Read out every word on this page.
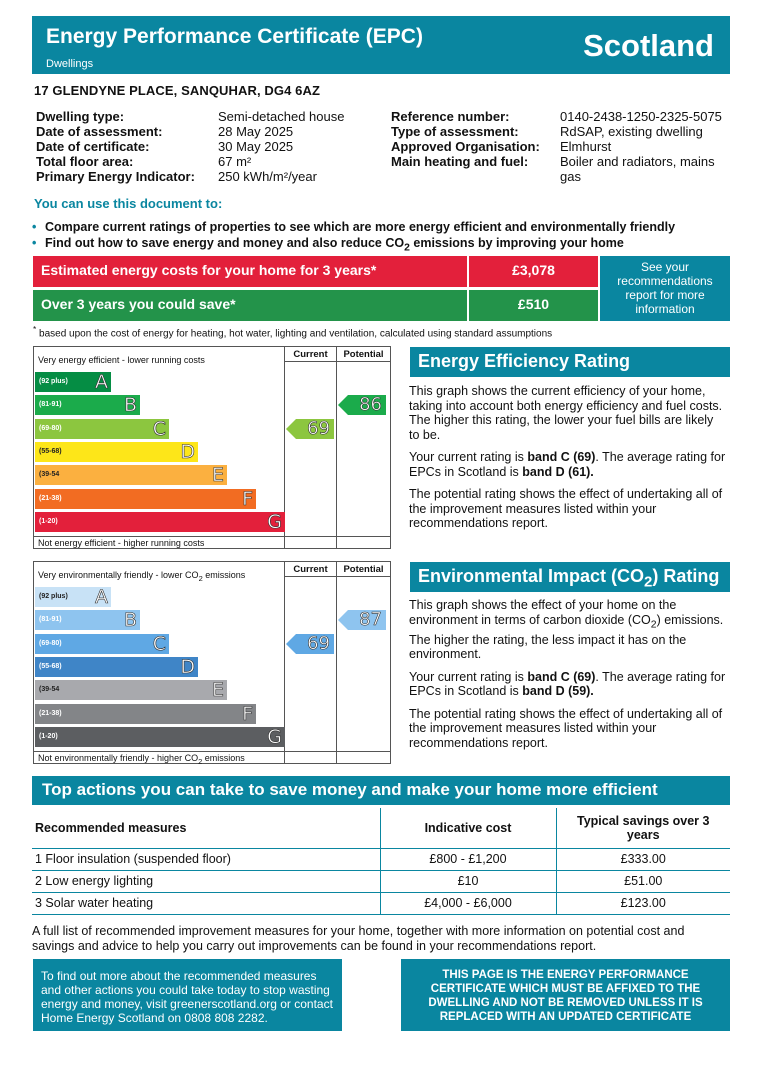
Energy Performance Certificate (EPC)
Dwellings
Scotland
17 GLENDYNE PLACE, SANQUHAR, DG4 6AZ
Dwelling type:	Semi-detached house
Date of assessment:	28 May 2025
Date of certificate:	30 May 2025
Total floor area:	67 m²
Primary Energy Indicator:	250 kWh/m²/year
Reference number:	0140-2438-1250-2325-5075
Type of assessment:	RdSAP, existing dwelling
Approved Organisation:	Elmhurst
Main heating and fuel:	Boiler and radiators, mains gas
You can use this document to:
• Compare current ratings of properties to see which are more energy efficient and environmentally friendly
• Find out how to save energy and money and also reduce $CO_2$ emissions by improving your home
Estimated energy costs for your home for 3 years*	£3,078
Over 3 years you could save*	£510
See your recommendations report for more information
* based upon the cost of energy for heating, hot water, lighting and ventilation, calculated using standard assumptions
Current	Potential
Very energy efficient - lower running costs
Not energy efficient - higher running costs
(92 plus) A
(81-91)	B
(69-80)	C
(55-68)	D
(39-54	E
(21-38)	F
(1-20)	G
69
86
Energy Efficiency Rating

This graph shows the current efficiency of your home, taking into account both energy efficiency and fuel costs. The higher this rating, the lower your fuel bills are likely to be.

Your current rating is band C (69). The average rating for EPCs in Scotland is band D (61).

The potential rating shows the effect of undertaking all of the improvement measures listed within your recommendations report.

Current	Potential
Very environmentally friendly - lower $CO_2$ emissions
Not environmentally friendly - higher $CO_2$ emissions
(92 plus) A
(81-91)	B
(69-80)	C
(55-68)	D
(39-54	E
(21-38)	F
(1-20)	G
69
87
Environmental Impact $(CO_2)$ Rating

This graph shows the effect of your home on the environment in terms of carbon dioxide $(CO_2)$ emissions. The higher the rating, the less impact it has on the environment.

Your current rating is band C (69). The average rating for EPCs in Scotland is band D (59).

The potential rating shows the effect of undertaking all of the improvement measures listed within your recommendations report.

Top actions you can take to save money and make your home more efficient
Recommended measures	Indicative cost	Typical savings over 3 years
1 Floor insulation (suspended floor)	£800 - £1,200	£333.00
2 Low energy lighting	£10	£51.00
3 Solar water heating	£4,000 - £6,000	£123.00
A full list of recommended improvement measures for your home, together with more information on potential cost and savings and advice to help you carry out improvements can be found in your recommendations report.
To find out more about the recommended measures and other actions you could take today to stop wasting energy and money, visit greenerscotland.org or contact Home Energy Scotland on 0808 808 2282.
THIS PAGE IS THE ENERGY PERFORMANCE CERTIFICATE WHICH MUST BE AFFIXED TO THE DWELLING AND NOT BE REMOVED UNLESS IT IS REPLACED WITH AN UPDATED CERTIFICATE
